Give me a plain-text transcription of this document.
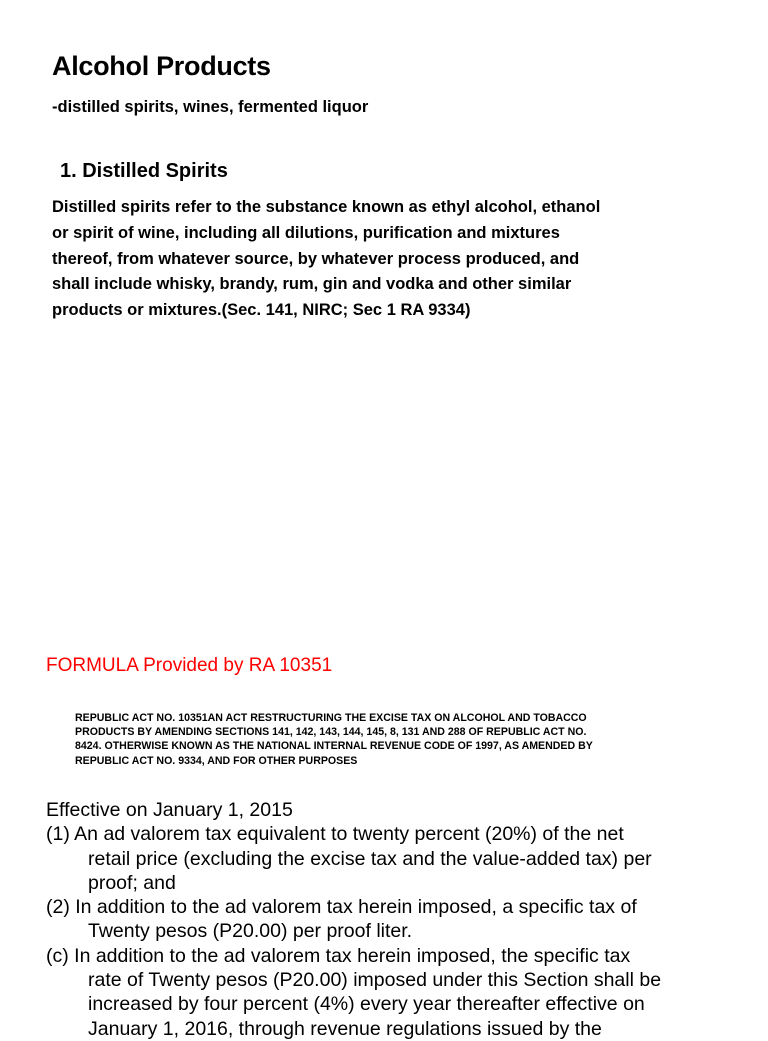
Alcohol Products
-distilled spirits, wines, fermented liquor
1. Distilled Spirits
Distilled spirits refer to the substance known as ethyl alcohol, ethanol
or spirit of wine, including all dilutions, purification and mixtures
thereof, from whatever source, by whatever process produced, and
shall include whisky, brandy, rum, gin and vodka and other similar
products or mixtures.(Sec. 141, NIRC; Sec 1 RA 9334)
FORMULA Provided by RA 10351
REPUBLIC ACT NO. 10351AN ACT RESTRUCTURING THE EXCISE TAX ON ALCOHOL AND TOBACCO
PRODUCTS BY AMENDING SECTIONS 141, 142, 143, 144, 145, 8, 131 AND 288 OF REPUBLIC ACT NO.
8424. OTHERWISE KNOWN AS THE NATIONAL INTERNAL REVENUE CODE OF 1997, AS AMENDED BY
REPUBLIC ACT NO. 9334, AND FOR OTHER PURPOSES
Effective on January 1, 2015
(1) An ad valorem tax equivalent to twenty percent (20%) of the net
retail price (excluding the excise tax and the value-added tax) per
proof; and
(2) In addition to the ad valorem tax herein imposed, a specific tax of
Twenty pesos (P20.00) per proof liter.
(c) In addition to the ad valorem tax herein imposed, the specific tax
rate of Twenty pesos (P20.00) imposed under this Section shall be
increased by four percent (4%) every year thereafter effective on
January 1, 2016, through revenue regulations issued by the
